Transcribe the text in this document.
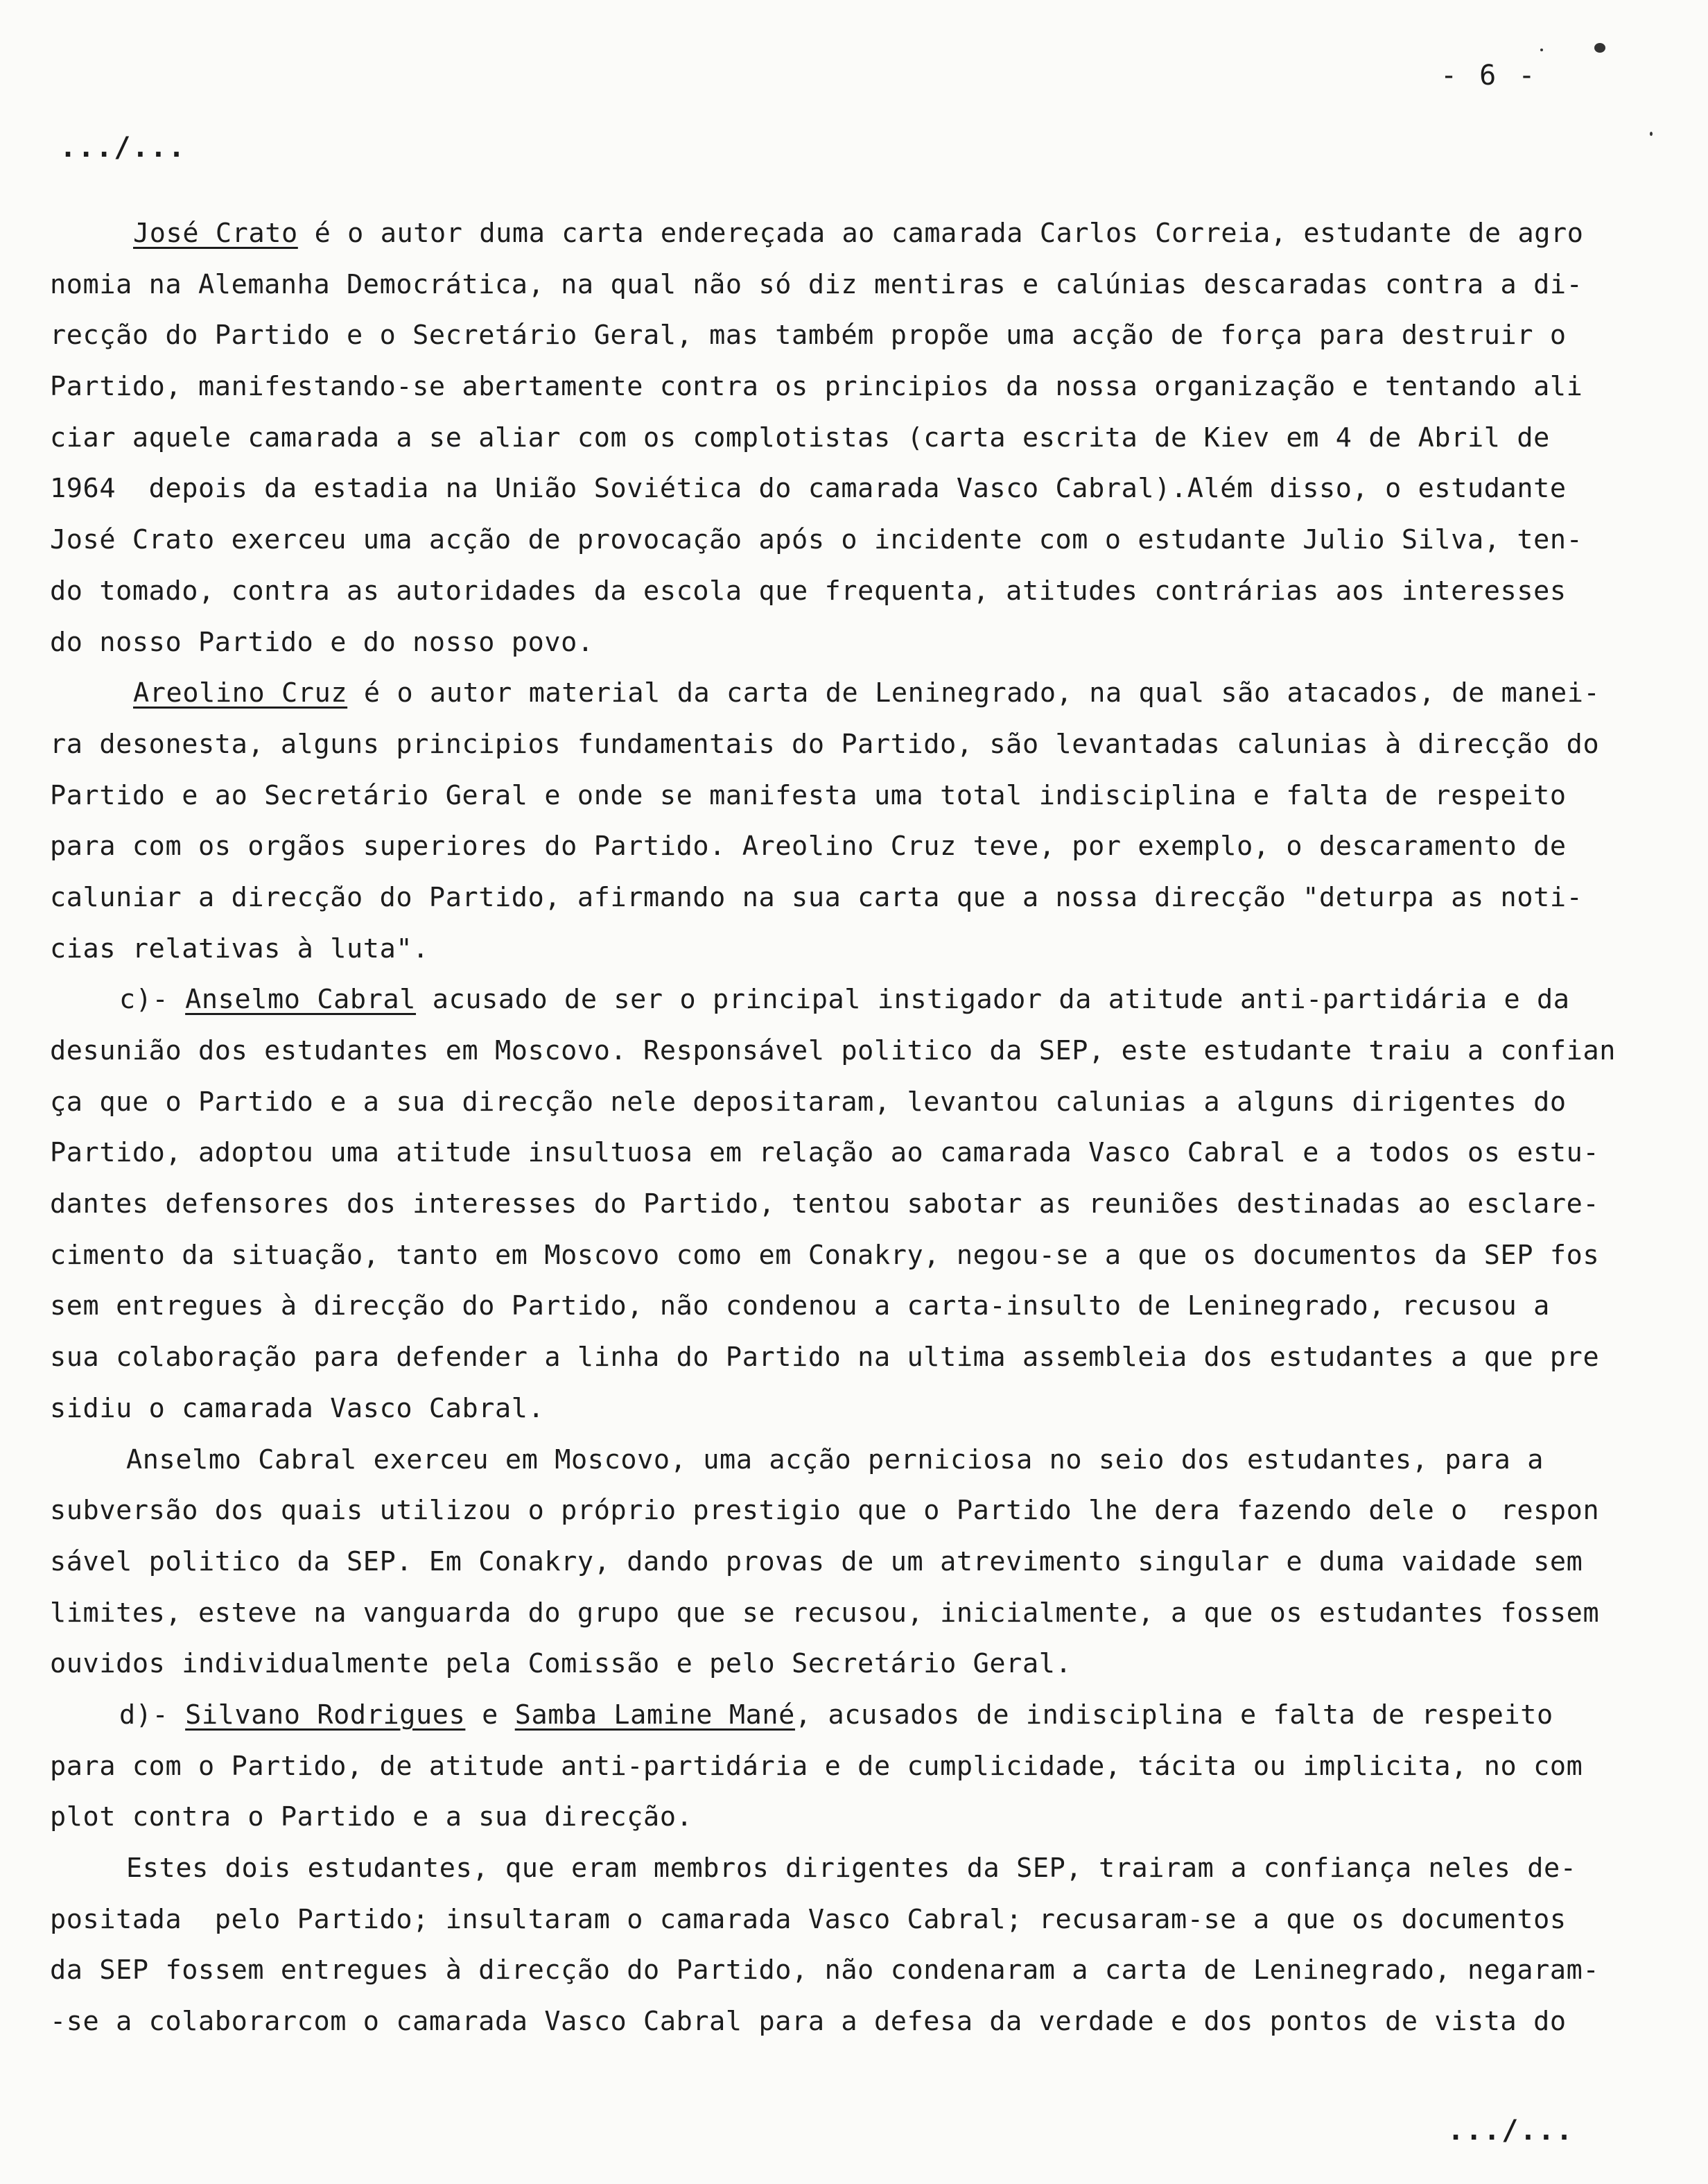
- 6 -
.../...
José Crato é o autor duma carta endereçada ao camarada Carlos Correia, estudante de agro
nomia na Alemanha Democrática, na qual não só diz mentiras e calúnias descaradas contra a di-
recção do Partido e o Secretário Geral, mas também propõe uma acção de força para destruir o
Partido, manifestando-se abertamente contra os principios da nossa organização e tentando ali
ciar aquele camarada a se aliar com os complotistas (carta escrita de Kiev em 4 de Abril de
1964  depois da estadia na União Soviética do camarada Vasco Cabral).Além disso, o estudante
José Crato exerceu uma acção de provocação após o incidente com o estudante Julio Silva, ten-
do tomado, contra as autoridades da escola que frequenta, atitudes contrárias aos interesses
do nosso Partido e do nosso povo.
Areolino Cruz é o autor material da carta de Leninegrado, na qual são atacados, de manei-
ra desonesta, alguns principios fundamentais do Partido, são levantadas calunias à direcção do
Partido e ao Secretário Geral e onde se manifesta uma total indisciplina e falta de respeito
para com os orgãos superiores do Partido. Areolino Cruz teve, por exemplo, o descaramento de
caluniar a direcção do Partido, afirmando na sua carta que a nossa direcção "deturpa as noti-
cias relativas à luta".
c)- Anselmo Cabral acusado de ser o principal instigador da atitude anti-partidária e da
desunião dos estudantes em Moscovo. Responsável politico da SEP, este estudante traiu a confian
ça que o Partido e a sua direcção nele depositaram, levantou calunias a alguns dirigentes do
Partido, adoptou uma atitude insultuosa em relação ao camarada Vasco Cabral e a todos os estu-
dantes defensores dos interesses do Partido, tentou sabotar as reuniões destinadas ao esclare-
cimento da situação, tanto em Moscovo como em Conakry, negou-se a que os documentos da SEP fos
sem entregues à direcção do Partido, não condenou a carta-insulto de Leninegrado, recusou a
sua colaboração para defender a linha do Partido na ultima assembleia dos estudantes a que pre
sidiu o camarada Vasco Cabral.
Anselmo Cabral exerceu em Moscovo, uma acção perniciosa no seio dos estudantes, para a
subversão dos quais utilizou o próprio prestigio que o Partido lhe dera fazendo dele o  respon
sável politico da SEP. Em Conakry, dando provas de um atrevimento singular e duma vaidade sem
limites, esteve na vanguarda do grupo que se recusou, inicialmente, a que os estudantes fossem
ouvidos individualmente pela Comissão e pelo Secretário Geral.
d)- Silvano Rodrigues e Samba Lamine Mané, acusados de indisciplina e falta de respeito
para com o Partido, de atitude anti-partidária e de cumplicidade, tácita ou implicita, no com
plot contra o Partido e a sua direcção.
Estes dois estudantes, que eram membros dirigentes da SEP, trairam a confiança neles de-
positada  pelo Partido; insultaram o camarada Vasco Cabral; recusaram-se a que os documentos
da SEP fossem entregues à direcção do Partido, não condenaram a carta de Leninegrado, negaram-
-se a colaborarcom o camarada Vasco Cabral para a defesa da verdade e dos pontos de vista do
.../...
